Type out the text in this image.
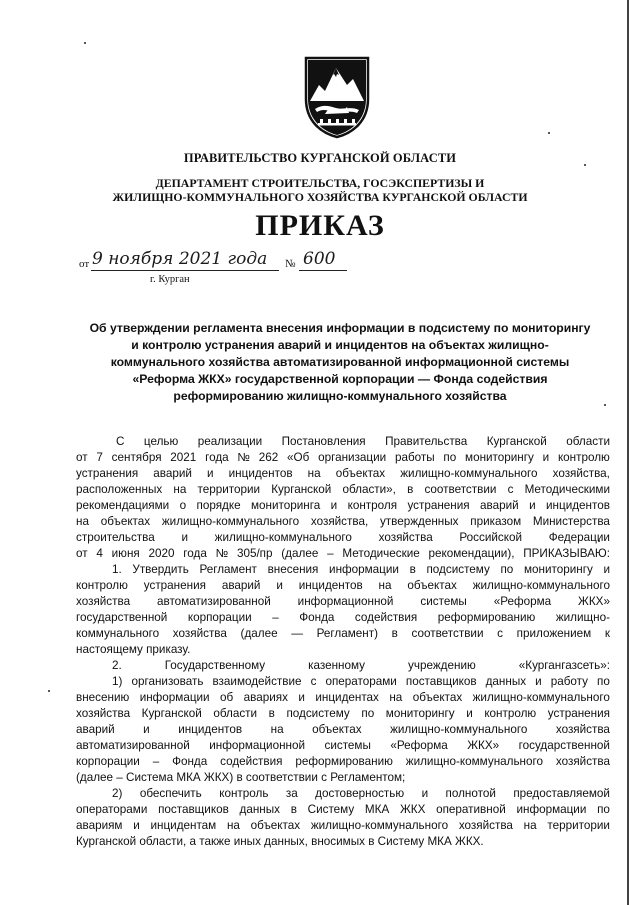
ПРАВИТЕЛЬСТВО КУРГАНСКОЙ ОБЛАСТИ
ДЕПАРТАМЕНТ СТРОИТЕЛЬСТВА, ГОСЭКСПЕРТИЗЫ И
ЖИЛИЩНО-КОММУНАЛЬНОГО ХОЗЯЙСТВА КУРГАНСКОЙ ОБЛАСТИ
ПРИКАЗ
от 9 ноября 2021 года № 600
г. Курган
Об утверждении регламента внесения информации в подсистему по мониторингу
и контролю устранения аварий и инцидентов на объектах жилищно-
коммунального хозяйства автоматизированной информационной системы
«Реформа ЖКХ» государственной корпорации — Фонда содействия
реформированию жилищно-коммунального хозяйства
С целью реализации Постановления Правительства Курганской области
от 7 сентября 2021 года № 262 «Об организации работы по мониторингу и контролю
устранения аварий и инцидентов на объектах жилищно-коммунального хозяйства,
расположенных на территории Курганской области», в соответствии с Методическими
рекомендациями о порядке мониторинга и контроля устранения аварий и инцидентов
на объектах жилищно-коммунального хозяйства, утвержденных приказом Министерства
строительства и жилищно-коммунального хозяйства Российской Федерации
от 4 июня 2020 года № 305/пр (далее – Методические рекомендации), ПРИКАЗЫВАЮ:
1. Утвердить Регламент внесения информации в подсистему по мониторингу и
контролю устранения аварий и инцидентов на объектах жилищно-коммунального
хозяйства автоматизированной информационной системы «Реформа ЖКХ»
государственной корпорации – Фонда содействия реформированию жилищно-
коммунального хозяйства (далее — Регламент) в соответствии с приложением к
настоящему приказу.
2.	Государственному	казенному	учреждению	«Кургангазсеть»:
1) организовать взаимодействие с операторами поставщиков данных и работу по
внесению информации об авариях и инцидентах на объектах жилищно-коммунального
хозяйства Курганской области в подсистему по мониторингу и контролю устранения
аварий и инцидентов на объектах жилищно-коммунального хозяйства
автоматизированной информационной системы «Реформа ЖКХ» государственной
корпорации – Фонда содействия реформированию жилищно-коммунального хозяйства
(далее – Система МКА ЖКХ) в соответствии с Регламентом;
2) обеспечить контроль за достоверностью и полнотой предоставляемой
операторами поставщиков данных в Систему МКА ЖКХ оперативной информации по
авариям и инцидентам на объектах жилищно-коммунального хозяйства на территории
Курганской области, а также иных данных, вносимых в Систему МКА ЖКХ.
